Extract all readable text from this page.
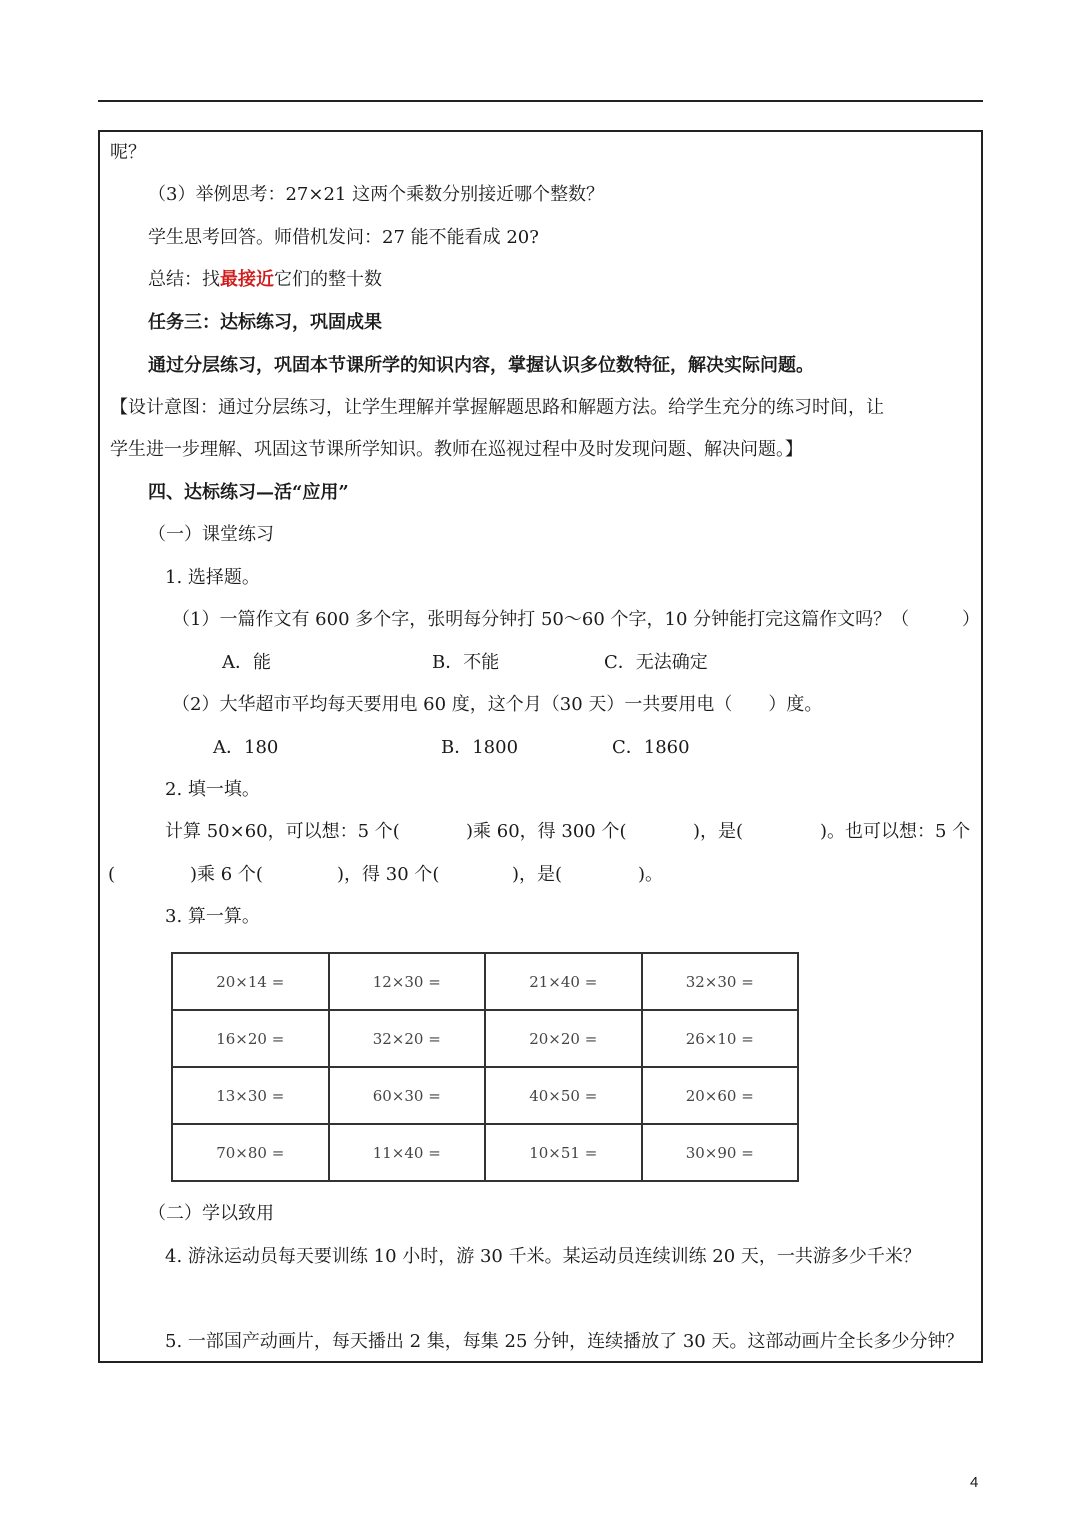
呢？
（3）举例思考：27×21 这两个乘数分别接近哪个整数？
学生思考回答。师借机发问：27 能不能看成 20?
总结：找最接近它们的整十数
任务三：达标练习，巩固成果
通过分层练习，巩固本节课所学的知识内容，掌握认识多位数特征，解决实际问题。
【设计意图：通过分层练习，让学生理解并掌握解题思路和解题方法。给学生充分的练习时间，让
学生进一步理解、巩固这节课所学知识。教师在巡视过程中及时发现问题、解决问题。】
四、达标练习—活“应用”
（一）课堂练习
1. 选择题。
（1）一篇作文有 600 多个字，张明每分钟打 50～60 个字，10 分钟能打完这篇作文吗？（	）
A．能	B．不能	C．无法确定
（2）大华超市平均每天要用电 60 度，这个月（30 天）一共要用电（　　）度。
A．180	B．1800	C．1860
2. 填一填。
计算 50×60，可以想：5 个(	)乘 60，得 300 个(	)，是(	)。也可以想：5 个
(	)乘 6 个(	)，得 30 个(	)，是(	)。
3. 算一算。
20×14 =	12×30 =	21×40 =	32×30 =
16×20 =	32×20 =	20×20 =	26×10 =
13×30 =	60×30 =	40×50 =	20×60 =
70×80 =	11×40 =	10×51 =	30×90 =
（二）学以致用
4. 游泳运动员每天要训练 10 小时，游 30 千米。某运动员连续训练 20 天，一共游多少千米？
5. 一部国产动画片，每天播出 2 集，每集 25 分钟，连续播放了 30 天。这部动画片全长多少分钟？
4
